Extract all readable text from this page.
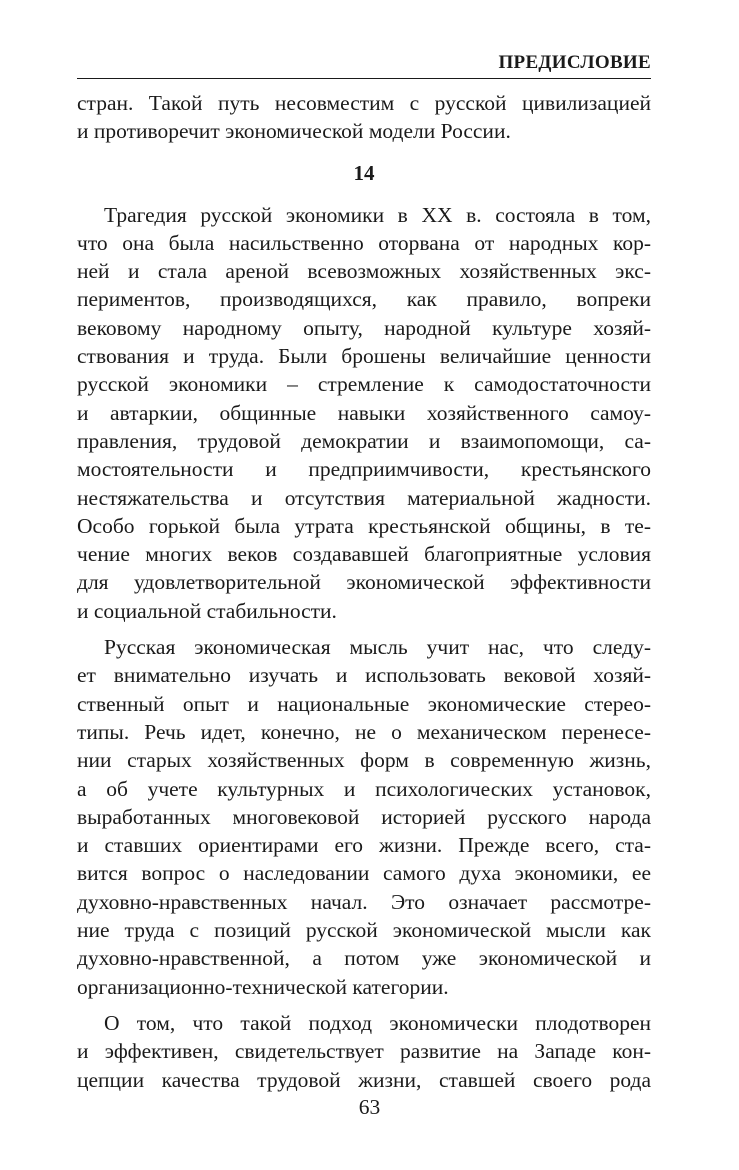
ПРЕДИСЛОВИЕ
стран. Такой путь несовместим с русской цивилизацией
и противоречит экономической модели России.
14
Трагедия русской экономики в XX в. состояла в том,
что она была насильственно оторвана от народных кор-
ней и стала ареной всевозможных хозяйственных экс-
периментов, производящихся, как правило, вопреки
вековому народному опыту, народной культуре хозяй-
ствования и труда. Были брошены величайшие ценности
русской экономики – стремление к самодостаточности
и автаркии, общинные навыки хозяйственного самоу-
правления, трудовой демократии и взаимопомощи, са-
мостоятельности и предприимчивости, крестьянского
нестяжательства и отсутствия материальной жадности.
Особо горькой была утрата крестьянской общины, в те-
чение многих веков создававшей благоприятные условия
для удовлетворительной экономической эффективности
и социальной стабильности.
Русская экономическая мысль учит нас, что следу-
ет внимательно изучать и использовать вековой хозяй-
ственный опыт и национальные экономические стерео-
типы. Речь идет, конечно, не о механическом перенесе-
нии старых хозяйственных форм в современную жизнь,
а об учете культурных и психологических установок,
выработанных многовековой историей русского народа
и ставших ориентирами его жизни. Прежде всего, ста-
вится вопрос о наследовании самого духа экономики, ее
духовно-нравственных начал. Это означает рассмотре-
ние труда с позиций русской экономической мысли как
духовно-нравственной, а потом уже экономической и
организационно-технической категории.
О том, что такой подход экономически плодотворен
и эффективен, свидетельствует развитие на Западе кон-
цепции качества трудовой жизни, ставшей своего рода
63
